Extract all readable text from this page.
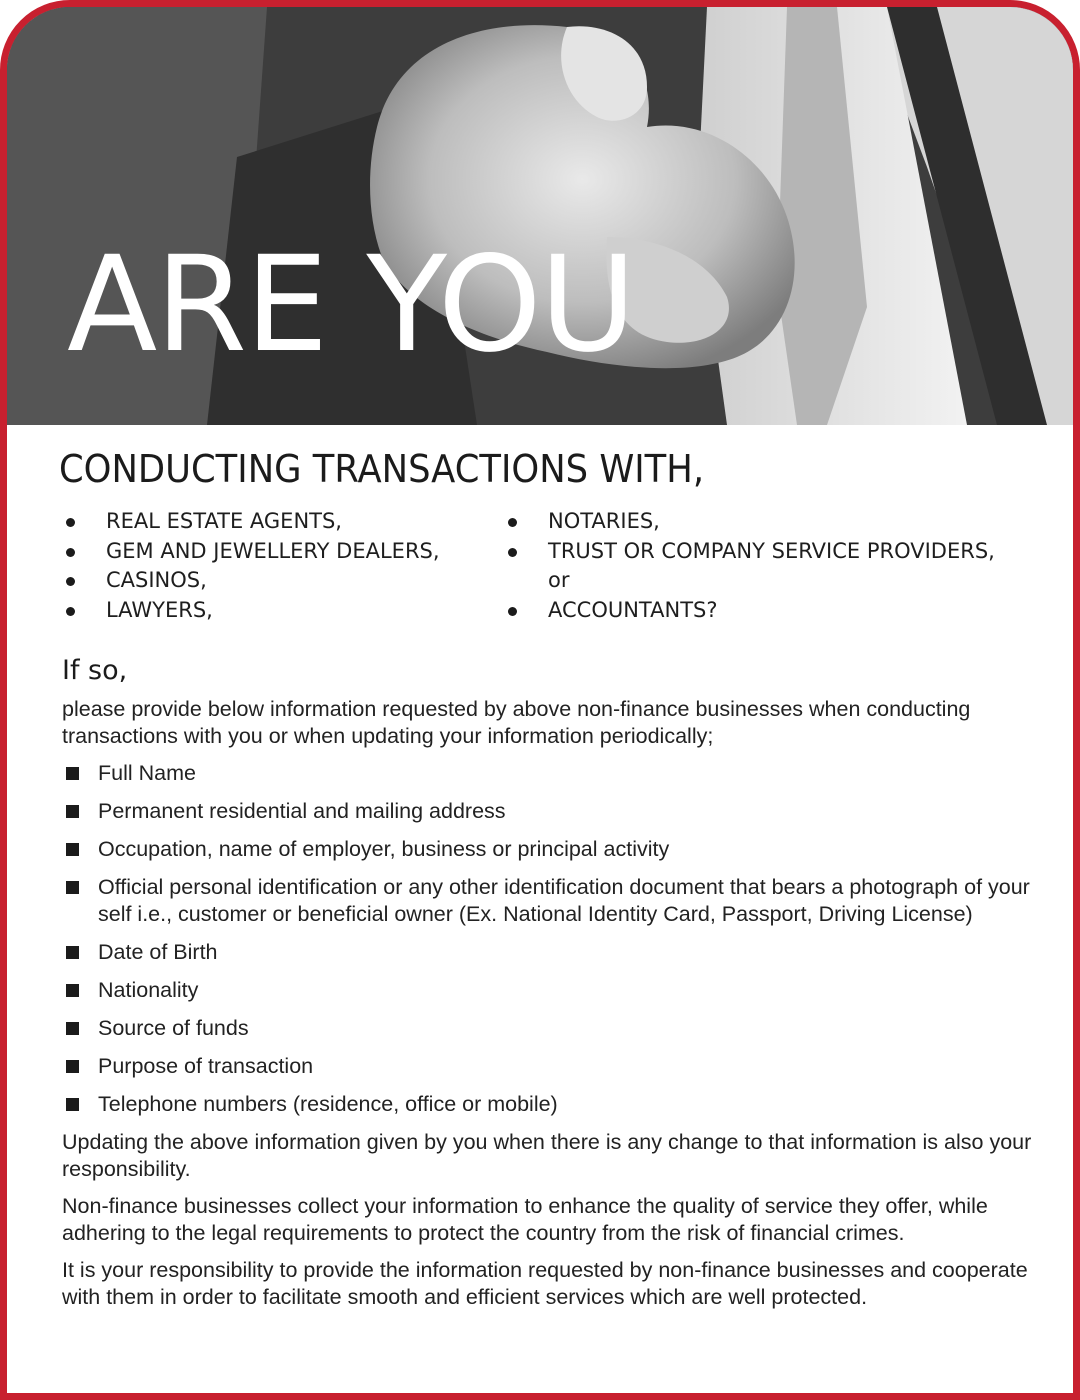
ARE YOU
CONDUCTING TRANSACTIONS WITH,
REAL ESTATE AGENTS,
GEM AND JEWELLERY DEALERS,
CASINOS,
LAWYERS,
NOTARIES,
TRUST OR COMPANY SERVICE PROVIDERS,
or
ACCOUNTANTS?
If so,
please provide below information requested by above non-finance businesses when conducting transactions with you or when updating your information periodically;
Full Name
Permanent residential and mailing address
Occupation, name of employer, business or principal activity
Official personal identification or any other identification document that bears a photograph of your self i.e., customer or beneficial owner (Ex. National Identity Card, Passport, Driving License)
Date of Birth
Nationality
Source of funds
Purpose of transaction
Telephone numbers (residence, office or mobile)
Updating the above information given by you when there is any change to that information is also your responsibility.
Non-finance businesses collect your information to enhance the quality of service they offer, while adhering to the legal requirements to protect the country from the risk of financial crimes.
It is your responsibility to provide the information requested by non-finance businesses and cooperate with them in order to facilitate smooth and efficient services which are well protected.
